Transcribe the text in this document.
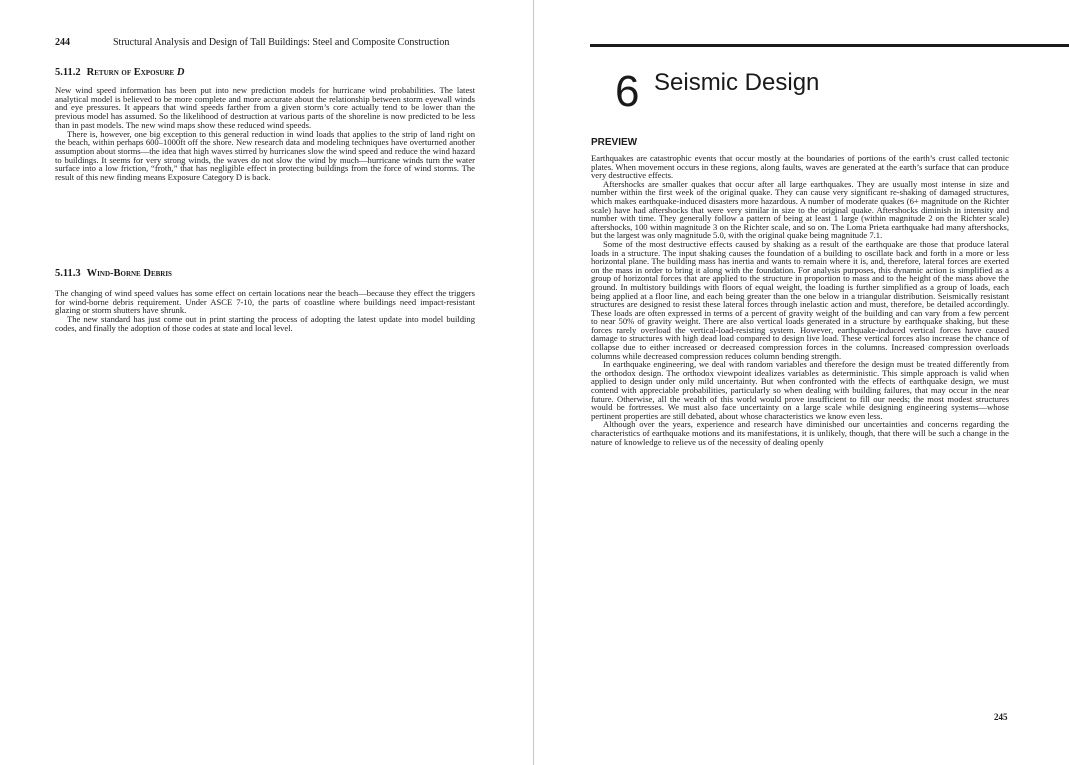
244	Structural Analysis and Design of Tall Buildings: Steel and Composite Construction
5.11.2 Return of Exposure D

New wind speed information has been put into new prediction models for hurricane wind probabilities. The latest analytical model is believed to be more complete and more accurate about the relationship between storm eyewall winds and eye pressures. It appears that wind speeds farther from a given storm’s core actually tend to be lower than the previous model has assumed. So the likelihood of destruction at various parts of the shoreline is now predicted to be less than in past models. The new wind maps show these reduced wind speeds.

There is, however, one big exception to this general reduction in wind loads that applies to the strip of land right on the beach, within perhaps 600–1000ft off the shore. New research data and modeling techniques have overturned another assumption about storms—the idea that high waves stirred by hurricanes slow the wind speed and reduce the wind hazard to buildings. It seems for very strong winds, the waves do not slow the wind by much—hurricane winds turn the water surface into a low friction, “froth,” that has negligible effect in protecting buildings from the force of wind storms. The result of this new finding means Exposure Category D is back.

5.11.3 Wind-Borne Debris

The changing of wind speed values has some effect on certain locations near the beach—because they effect the triggers for wind-borne debris requirement. Under ASCE 7-10, the parts of coastline where buildings need impact-resistant glazing or storm shutters have shrunk.

The new standard has just come out in print starting the process of adopting the latest update into model building codes, and finally the adoption of those codes at state and local level.

6 Seismic Design
PREVIEW

Earthquakes are catastrophic events that occur mostly at the boundaries of portions of the earth’s crust called tectonic plates. When movement occurs in these regions, along faults, waves are generated at the earth’s surface that can produce very destructive effects.

Aftershocks are smaller quakes that occur after all large earthquakes. They are usually most intense in size and number within the first week of the original quake. They can cause very significant re-shaking of damaged structures, which makes earthquake-induced disasters more hazardous. A number of moderate quakes (6+ magnitude on the Richter scale) have had aftershocks that were very similar in size to the original quake. Aftershocks diminish in intensity and number with time. They generally follow a pattern of being at least 1 large (within magnitude 2 on the Richter scale) aftershocks, 100 within magnitude 3 on the Richter scale, and so on. The Loma Prieta earthquake had many aftershocks, but the largest was only magnitude 5.0, with the original quake being magnitude 7.1.

Some of the most destructive effects caused by shaking as a result of the earthquake are those that produce lateral loads in a structure. The input shaking causes the foundation of a building to oscillate back and forth in a more or less horizontal plane. The building mass has inertia and wants to remain where it is, and, therefore, lateral forces are exerted on the mass in order to bring it along with the foundation. For analysis purposes, this dynamic action is simplified as a group of horizontal forces that are applied to the structure in proportion to mass and to the height of the mass above the ground. In multistory buildings with floors of equal weight, the loading is further simplified as a group of loads, each being applied at a floor line, and each being greater than the one below in a triangular distribution. Seismically resistant structures are designed to resist these lateral forces through inelastic action and must, therefore, be detailed accordingly. These loads are often expressed in terms of a percent of gravity weight of the building and can vary from a few percent to near 50% of gravity weight. There are also vertical loads generated in a structure by earthquake shaking, but these forces rarely overload the vertical-load-resisting system. However, earthquake-induced vertical forces have caused damage to structures with high dead load compared to design live load. These vertical forces also increase the chance of collapse due to either increased or decreased compression forces in the columns. Increased compression overloads columns while decreased compression reduces column bending strength.

In earthquake engineering, we deal with random variables and therefore the design must be treated differently from the orthodox design. The orthodox viewpoint idealizes variables as deterministic. This simple approach is valid when applied to design under only mild uncertainty. But when confronted with the effects of earthquake design, we must contend with appreciable probabilities, particularly so when dealing with building failures, that may occur in the near future. Otherwise, all the wealth of this world would prove insufficient to fill our needs; the most modest structures would be fortresses. We must also face uncertainty on a large scale while designing engineering systems—whose pertinent properties are still debated, about whose characteristics we know even less.

Although over the years, experience and research have diminished our uncertainties and concerns regarding the characteristics of earthquake motions and its manifestations, it is unlikely, though, that there will be such a change in the nature of knowledge to relieve us of the necessity of dealing openly

245
